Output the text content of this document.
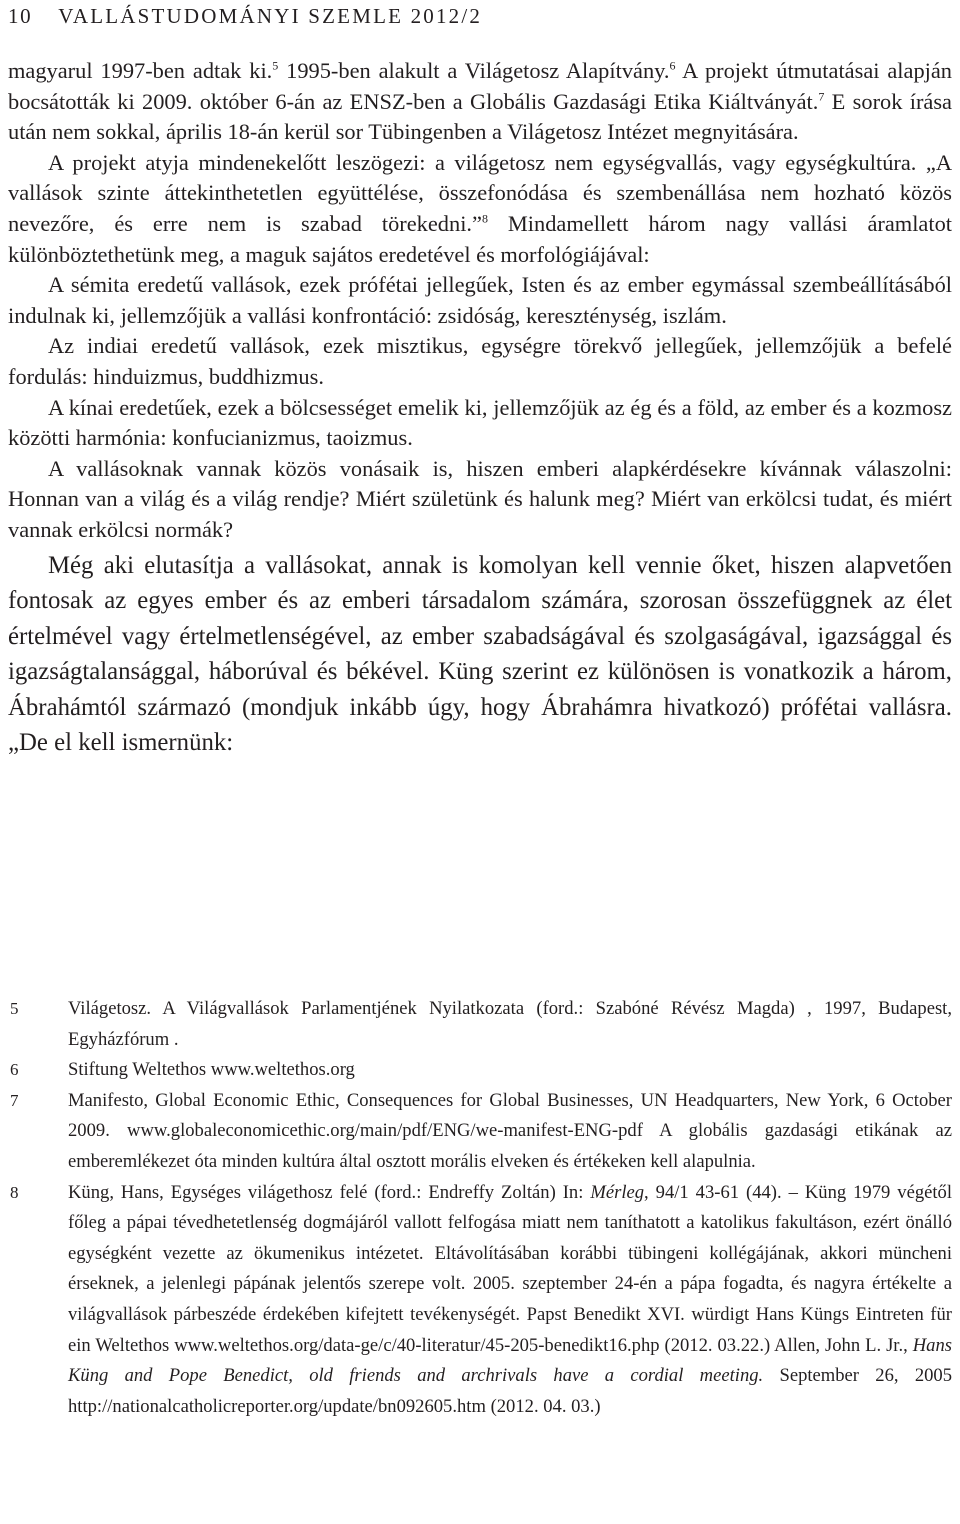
10 VALLÁSTUDOMÁNYI SZEMLE 2012/2

magyarul 1997-ben adtak ki.$^5$ 1995-ben alakult a Világetosz Alapítvány.$^6$ A projekt útmutatásai alapján bocsátották ki 2009. október 6-án az ENSZ-ben a Globális Gazdasági Etika Kiáltványát.$^7$ E sorok írása után nem sokkal, április 18-án kerül sor Tübingenben a Világetosz Intézet megnyitására.

A projekt atyja mindenekelőtt leszögezi: a világetosz nem egységvallás, vagy egységkultúra. „A vallások szinte áttekinthetetlen együttélése, összefonódása és szembenállása nem hozható közös nevezőre, és erre nem is szabad törekedni.”$^8$ Mindamellett három nagy vallási áramlatot különböztethetünk meg, a maguk sajátos eredetével és morfológiájával:

A sémita eredetű vallások, ezek prófétai jellegűek, Isten és az ember egymással szembeállításából indulnak ki, jellemzőjük a vallási konfrontáció: zsidóság, kereszténység, iszlám.

Az indiai eredetű vallások, ezek misztikus, egységre törekvő jellegűek, jellemzőjük a befelé fordulás: hinduizmus, buddhizmus.

A kínai eredetűek, ezek a bölcsességet emelik ki, jellemzőjük az ég és a föld, az ember és a kozmosz közötti harmónia: konfucianizmus, taoizmus.

A vallásoknak vannak közös vonásaik is, hiszen emberi alapkérdésekre kívánnak válaszolni: Honnan van a világ és a világ rendje? Miért születünk és halunk meg? Miért van erkölcsi tudat, és miért vannak erkölcsi normák?

Még aki elutasítja a vallásokat, annak is komolyan kell vennie őket, hiszen alapvetően fontosak az egyes ember és az emberi társadalom számára, szorosan összefüggnek az élet értelmével vagy értelmetlenségével, az ember szabadságával és szolgaságával, igazsággal és igazságtalansággal, háborúval és békével. Küng szerint ez különösen is vonatkozik a három, Ábrahámtól származó (mondjuk inkább úgy, hogy Ábrahámra hivatkozó) prófétai vallásra. „De el kell ismernünk:

5	Világetosz. A Világvallások Parlamentjének Nyilatkozata (ford.: Szabóné Révész Magda) , 1997, Budapest, Egyházfórum .
6	Stiftung Weltethos www.weltethos.org
7	Manifesto, Global Economic Ethic, Consequences for Global Businesses, UN Headquarters, New York, 6 October 2009. www.globaleconomicethic.org/main/pdf/ENG/we-manifest-ENG-pdf A globális gazdasági etikának az emberemlékezet óta minden kultúra által osztott morális elveken és értékeken kell alapulnia.
8	Küng, Hans, Egységes világethosz felé (ford.: Endreffy Zoltán) In: Mérleg, 94/1 43-61 (44). – Küng 1979 végétől főleg a pápai tévedhetetlenség dogmájáról vallott felfogása miatt nem taníthatott a katolikus fakultáson, ezért önálló egységként vezette az ökumenikus intézetet. Eltávolításában korábbi tübingeni kollégájának, akkori müncheni érseknek, a jelenlegi pápának jelentős szerepe volt. 2005. szeptember 24-én a pápa fogadta, és nagyra értékelte a világvallások párbeszéde érdekében kifejtett tevékenységét. Papst Benedikt XVI. würdigt Hans Küngs Eintreten für ein Weltethos www.weltethos.org/data-ge/c/40-literatur/45-205-benedikt16.php (2012. 03.22.) Allen, John L. Jr., Hans Küng and Pope Benedict, old friends and archrivals have a cordial meeting. September 26, 2005 http://nationalcatholicreporter.org/update/bn092605.htm (2012. 04. 03.)
